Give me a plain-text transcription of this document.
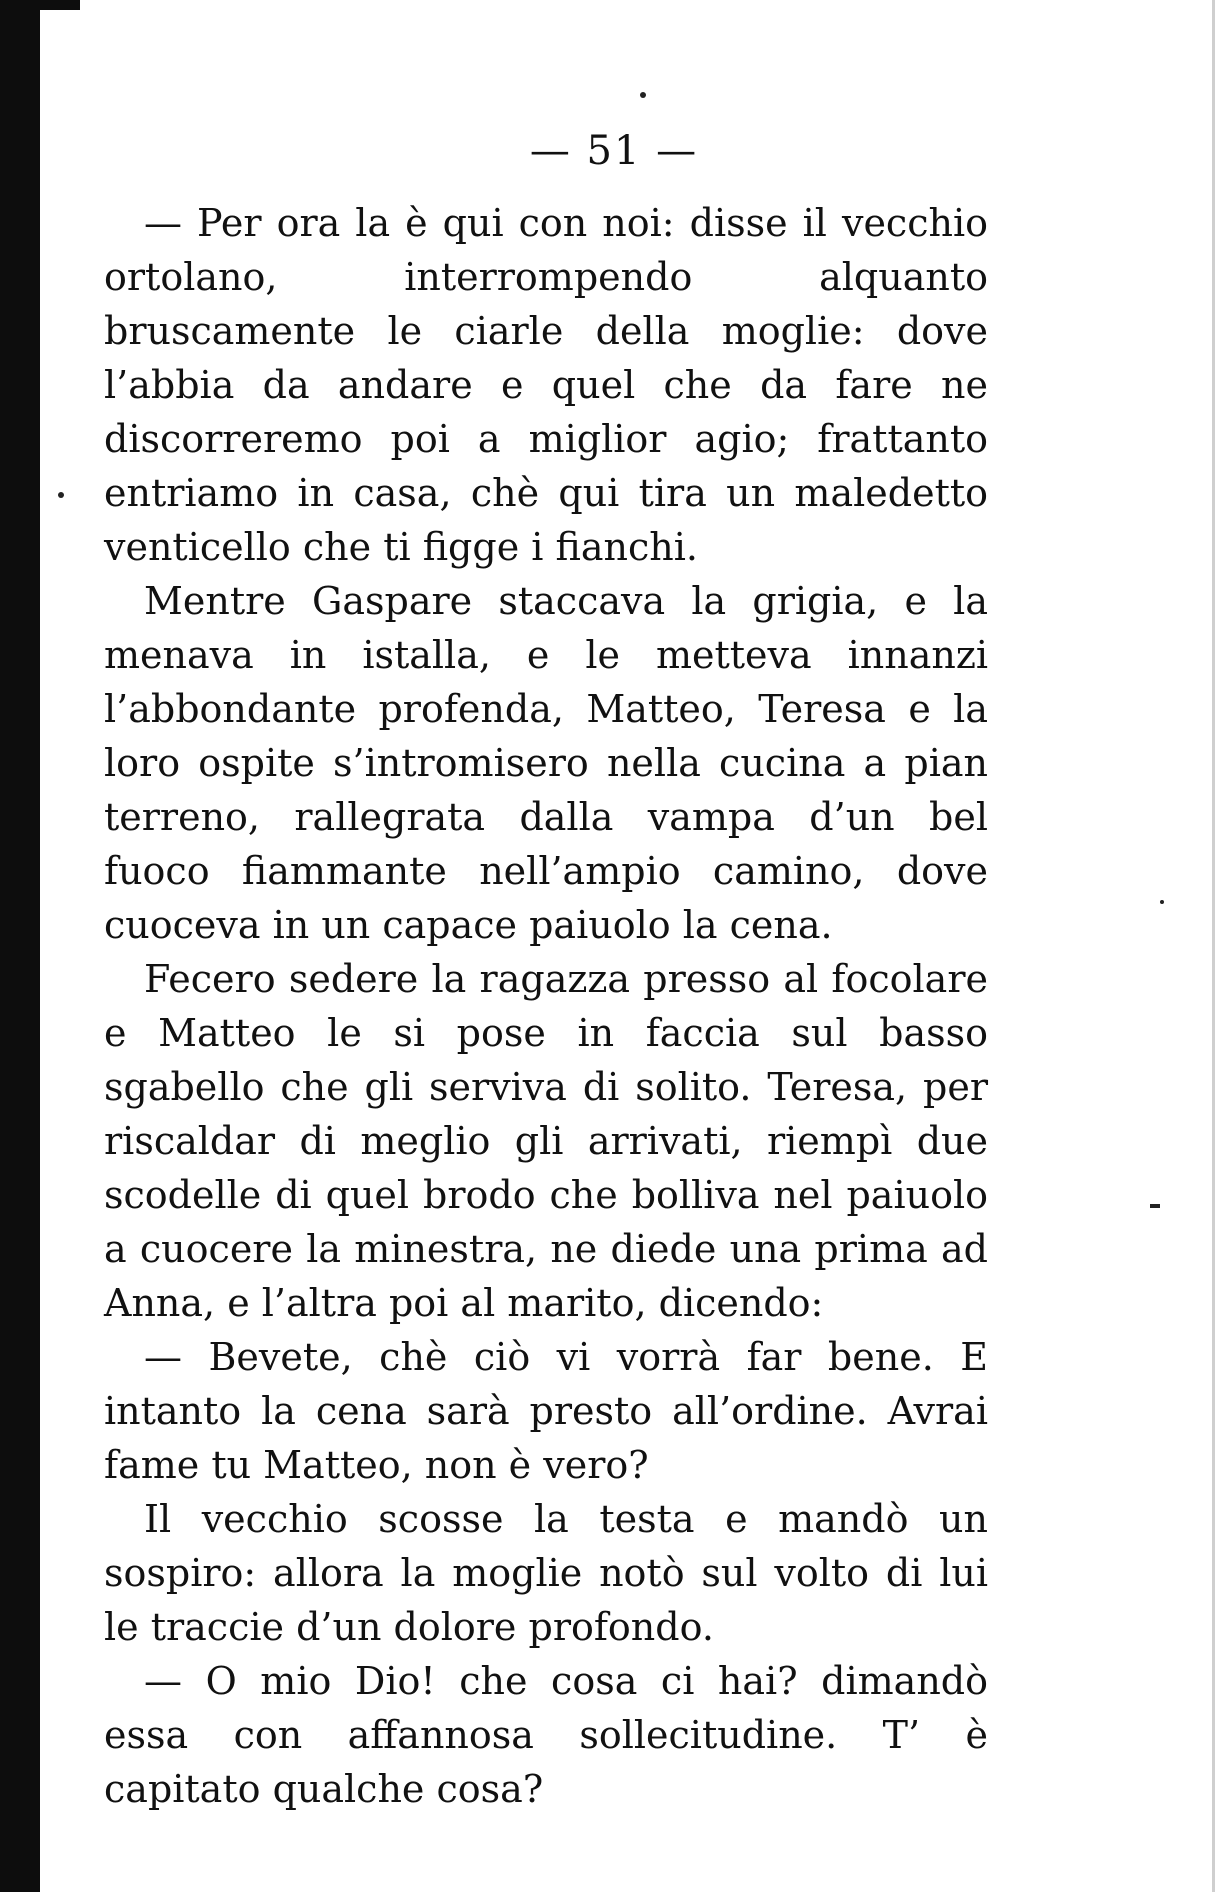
— 51 —

— Per ora la è qui con noi: disse il vecchio ortolano, interrompendo alquanto bruscamente le ciarle della moglie: dove l’abbia da andare e quel che da fare ne discorreremo poi a miglior agio; frattanto entriamo in casa, chè qui tira un maledetto venticello che ti figge i fianchi.

Mentre Gaspare staccava la grigia, e la menava in istalla, e le metteva innanzi l’abbondante profenda, Matteo, Teresa e la loro ospite s’intromisero nella cucina a pian terreno, rallegrata dalla vampa d’un bel fuoco fiammante nell’ampio camino, dove cuoceva in un capace paiuolo la cena.

Fecero sedere la ragazza presso al focolare e Matteo le si pose in faccia sul basso sgabello che gli serviva di solito. Teresa, per riscaldar di meglio gli arrivati, riempì due scodelle di quel brodo che bolliva nel paiuolo a cuocere la minestra, ne diede una prima ad Anna, e l’altra poi al marito, dicendo:

— Bevete, chè ciò vi vorrà far bene. E intanto la cena sarà presto all’ordine. Avrai fame tu Matteo, non è vero?

Il vecchio scosse la testa e mandò un sospiro: allora la moglie notò sul volto di lui le traccie d’un dolore profondo.

— O mio Dio! che cosa ci hai? dimandò essa con affannosa sollecitudine. T’ è capitato qualche cosa?
